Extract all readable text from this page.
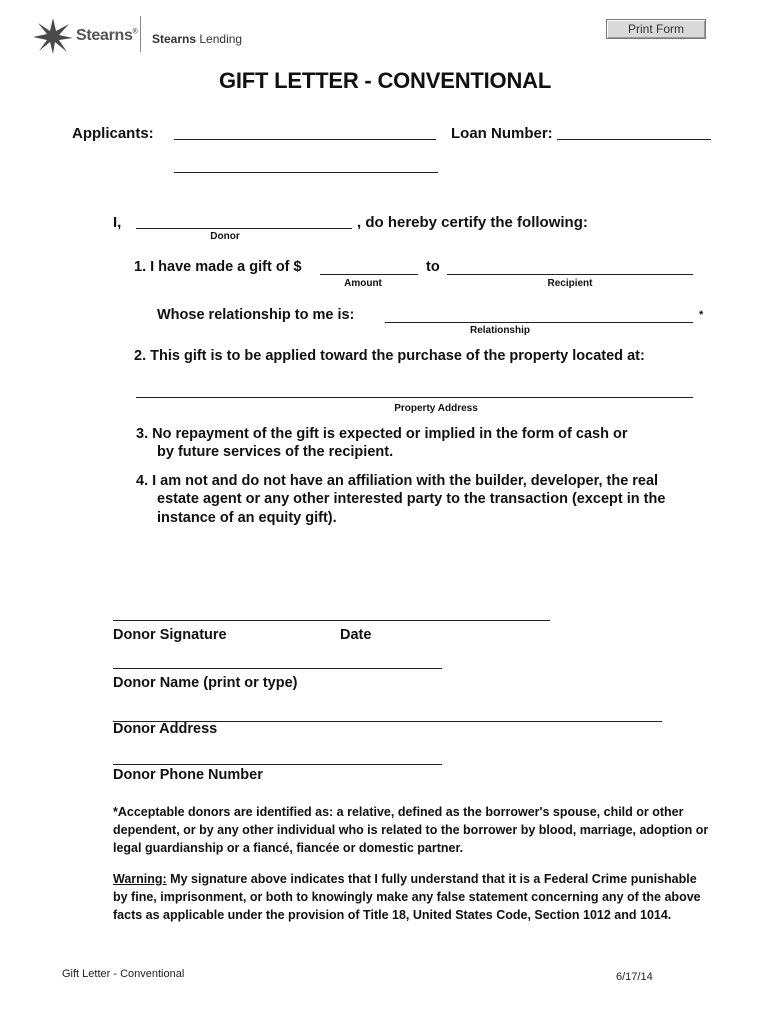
Stearns® Stearns Lending
Print Form
GIFT LETTER - CONVENTIONAL
Applicants:	Loan Number:
I,	, do hereby certify the following:
Donor
1. I have made a gift of $	to
Amount	Recipient
Whose relationship to me is:	*
Relationship
2. This gift is to be applied toward the purchase of the property located at:
Property Address
3. No repayment of the gift is expected or implied in the form of cash or
by future services of the recipient.
4. I am not and do not have an affiliation with the builder, developer, the real
estate agent or any other interested party to the transaction (except in the
instance of an equity gift).
Donor Signature	Date
Donor Name (print or type)
Donor Address
Donor Phone Number
*Acceptable donors are identified as: a relative, defined as the borrower's spouse, child or other
dependent, or by any other individual who is related to the borrower by blood, marriage, adoption or
legal guardianship or a fiancé, fiancée or domestic partner.
Warning: My signature above indicates that I fully understand that it is a Federal Crime punishable
by fine, imprisonment, or both to knowingly make any false statement concerning any of the above
facts as applicable under the provision of Title 18, United States Code, Section 1012 and 1014.
Gift Letter - Conventional	6/17/14
